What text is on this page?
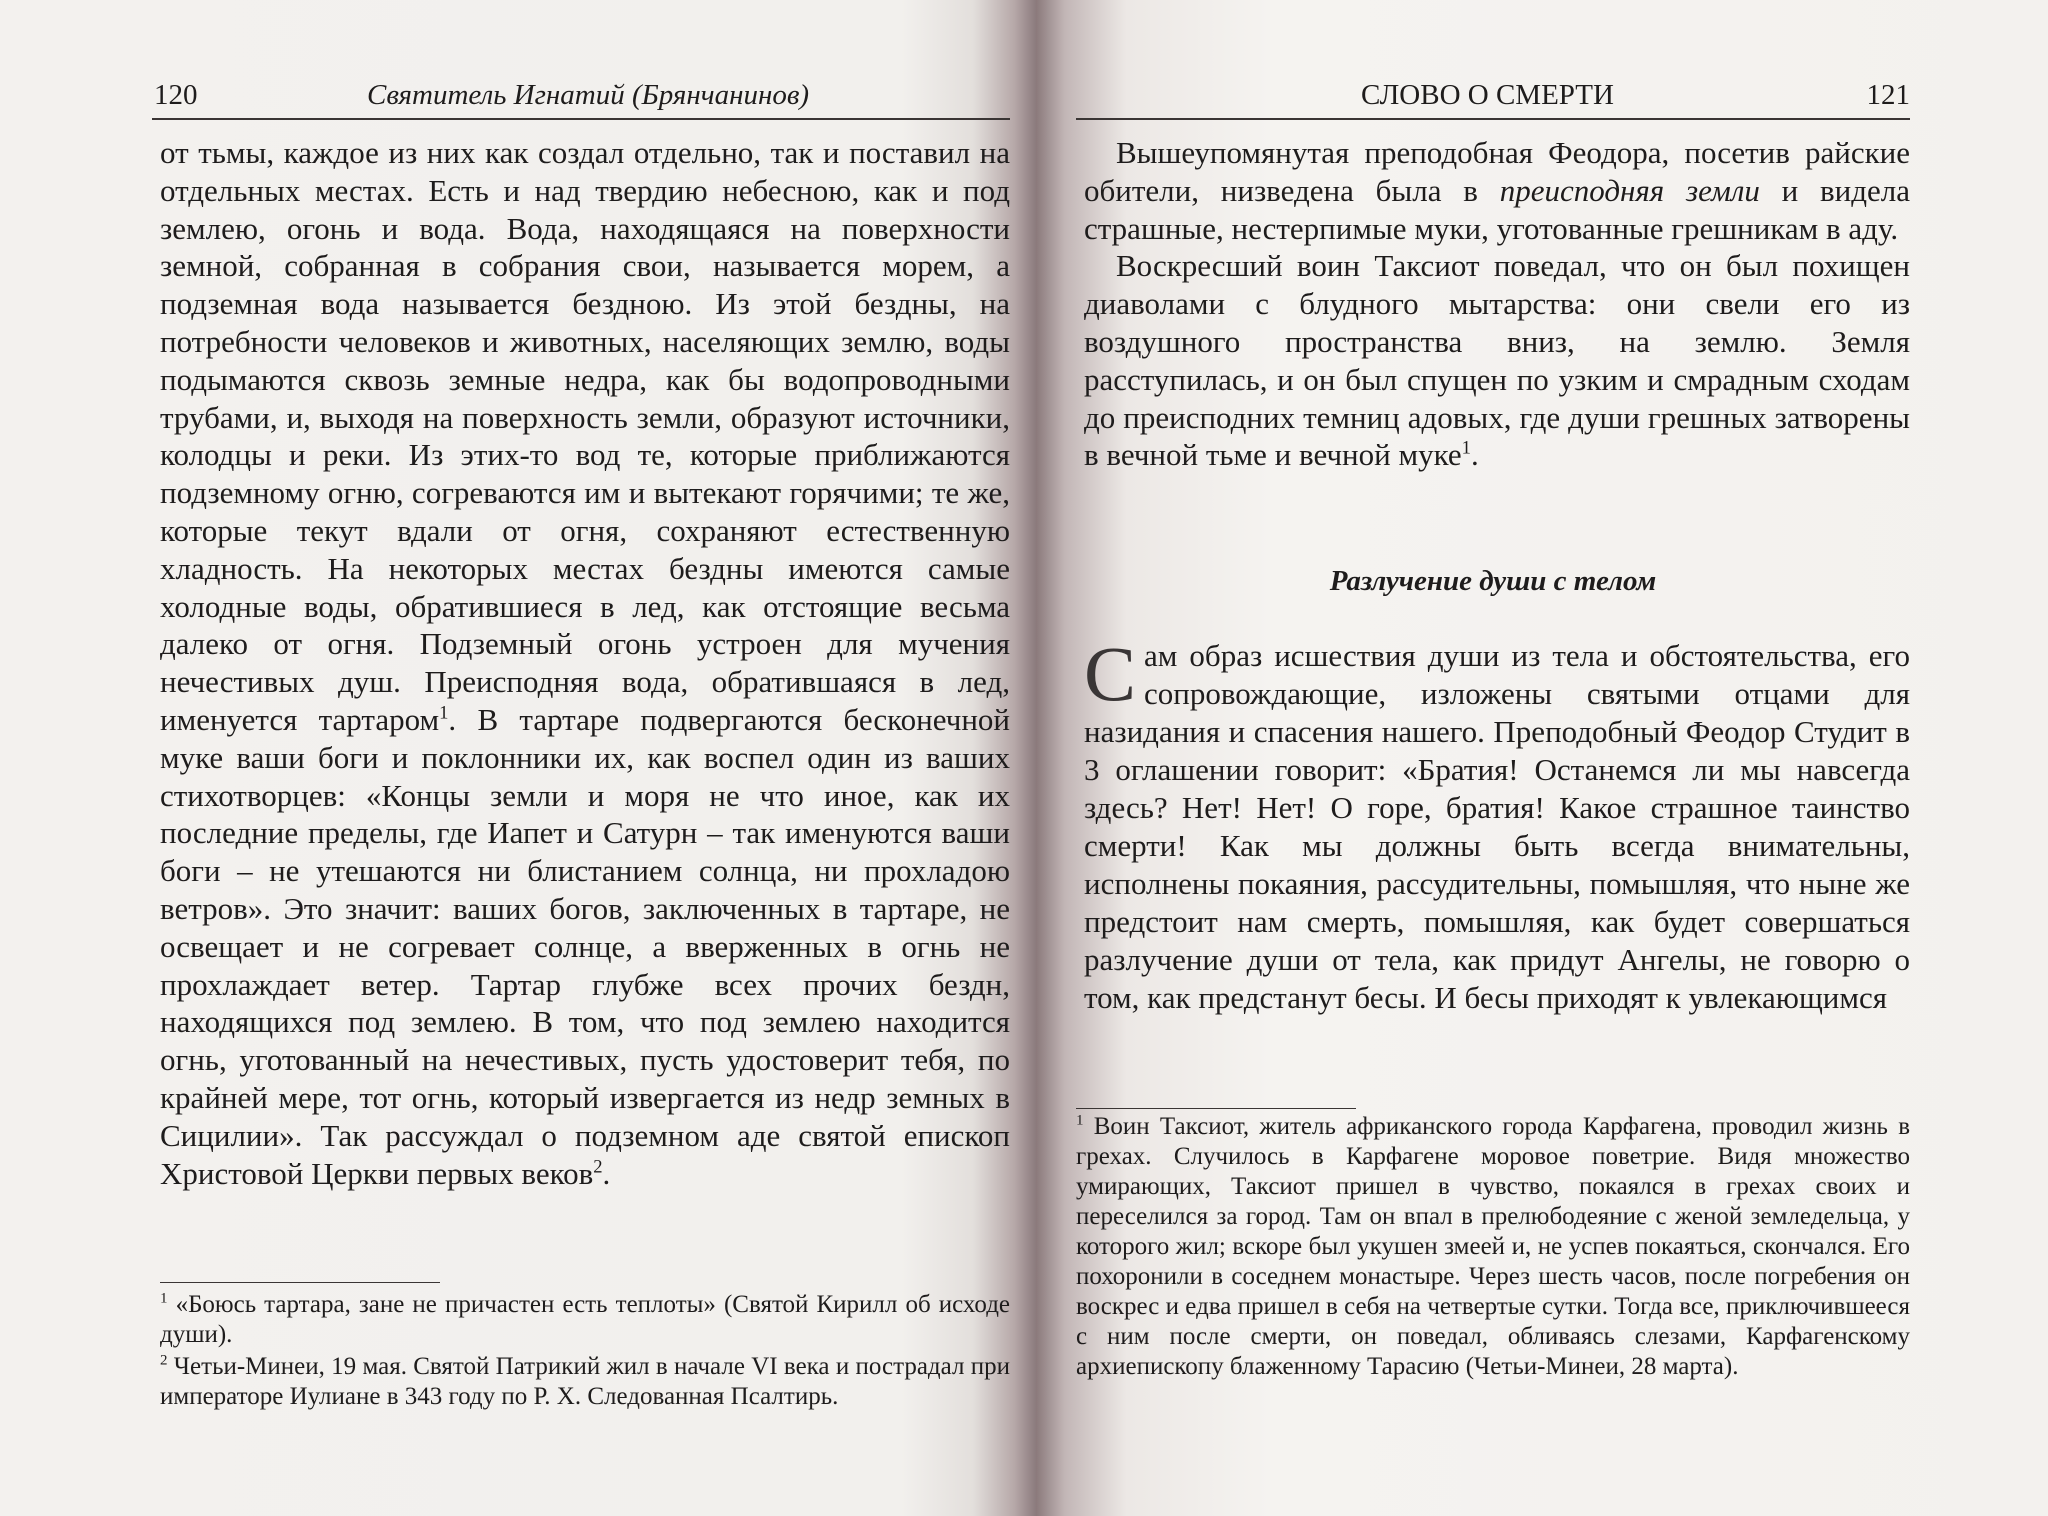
120	Святитель Игнатий (Брянчанинов)

от тьмы, каждое из них как создал отдельно, так и поставил на отдельных местах. Есть и над твердию небесною, как и под землею, огонь и вода. Вода, находящаяся на поверхности земной, собранная в собрания свои, называется морем, а подземная вода называется бездною. Из этой бездны, на потребности человеков и животных, населяющих землю, воды подымаются сквозь земные недра, как бы водопроводными трубами, и, выходя на поверхность земли, образуют источники, колодцы и реки. Из этих-то вод те, которые приближаются подземному огню, согреваются им и вытекают горячими; те же, которые текут вдали от огня, сохраняют естественную хладность. На некоторых местах бездны имеются самые холодные воды, обратившиеся в лед, как отстоящие весьма далеко от огня. Подземный огонь устроен для мучения нечестивых душ. Преисподняя вода, обратившаяся в лед, именуется тартаром$^1$. В тартаре подвергаются бесконечной муке ваши боги и поклонники их, как воспел один из ваших стихотворцев: «Концы земли и моря не что иное, как их последние пределы, где Иапет и Сатурн – так именуются ваши боги – не утешаются ни блистанием солнца, ни прохладою ветров». Это значит: ваших богов, заключенных в тартаре, не освещает и не согревает солнце, а вверженных в огнь не прохлаждает ветер. Тартар глубже всех прочих бездн, находящихся под землею. В том, что под землею находится огнь, уготованный на нечестивых, пусть удостоверит тебя, по крайней мере, тот огнь, который извергается из недр земных в Сицилии». Так рассуждал о подземном аде святой епископ Христовой Церкви первых веков$^2$.

$^1$ «Боюсь тартара, зане не причастен есть теплоты» (Святой Кирилл об исходе души).

$^2$ Четьи-Минеи, 19 мая. Святой Патрикий жил в начале VI века и пострадал при императоре Иулиане в 343 году по Р. Х. Следованная Псалтирь.

СЛОВО О СМЕРТИ	121

Вышеупомянутая преподобная Феодора, посетив райские обители, низведена была в преисподняя земли и видела страшные, нестерпимые муки, уготованные грешникам в аду.

Воскресший воин Таксиот поведал, что он был похищен диаволами с блудного мытарства: они свели его из воздушного пространства вниз, на землю. Земля расступилась, и он был спущен по узким и смрадным сходам до преисподних темниц адовых, где души грешных затворены в вечной тьме и вечной муке$^1$.

Разлучение души с телом
Сам образ исшествия души из тела и обстоятельства, его сопровождающие, изложены святыми отцами для назидания и спасения нашего. Преподобный Феодор Студит в 3 оглашении говорит: «Братия! Останемся ли мы навсегда здесь? Нет! Нет! О горе, братия! Какое страшное таинство смерти! Как мы должны быть всегда внимательны, исполнены покаяния, рассудительны, помышляя, что ныне же предстоит нам смерть, помышляя, как будет совершаться разлучение души от тела, как придут Ангелы, не говорю о том, как предстанут бесы. И бесы приходят к увлекающимся

$^1$ Воин Таксиот, житель африканского города Карфагена, проводил жизнь в грехах. Случилось в Карфагене моровое поветрие. Видя множество умирающих, Таксиот пришел в чувство, покаялся в грехах своих и переселился за город. Там он впал в прелюбодеяние с женой земледельца, у которого жил; вскоре был укушен змеей и, не успев покаяться, скончался. Его похоронили в соседнем монастыре. Через шесть часов, после погребения он воскрес и едва пришел в себя на четвертые сутки. Тогда все, приключившееся с ним после смерти, он поведал, обливаясь слезами, Карфагенскому архиепископу блаженному Тарасию (Четьи-Минеи, 28 марта).
